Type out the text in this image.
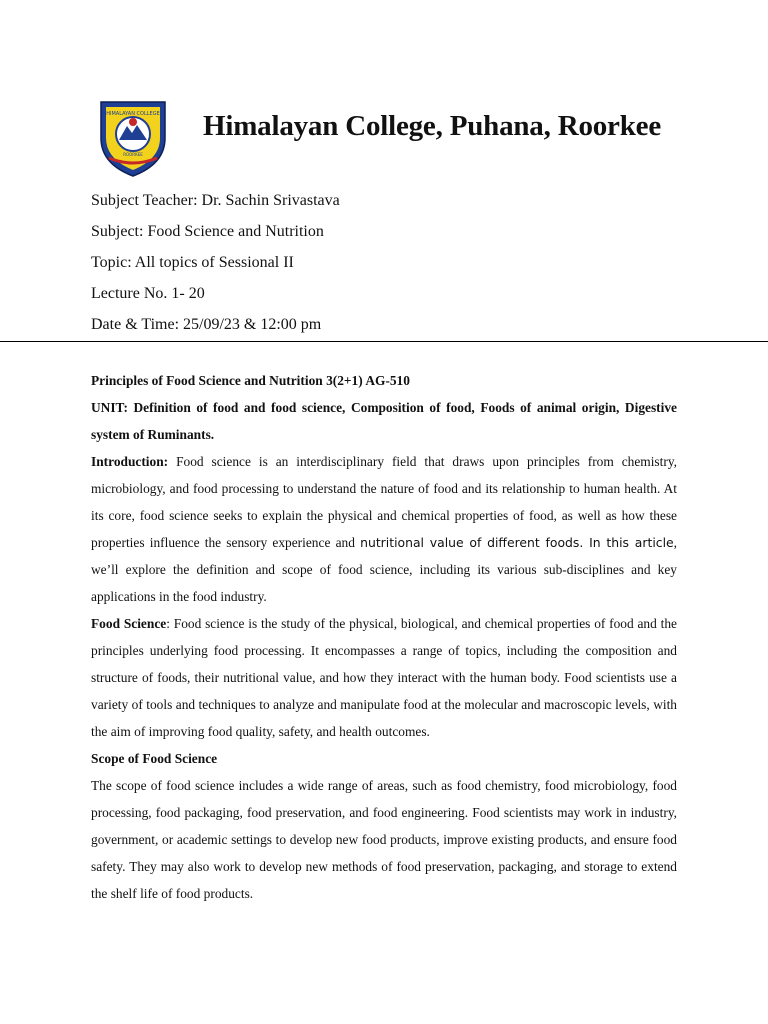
HIMALAYAN COLLEGE
ROORKEE
Himalayan College, Puhana, Roorkee
Subject Teacher: Dr. Sachin Srivastava
Subject: Food Science and Nutrition
Topic: All topics of Sessional II
Lecture No. 1- 20
Date & Time: 25/09/23 & 12:00 pm

Principles of Food Science and Nutrition 3(2+1) AG-510

UNIT: Definition of food and food science, Composition of food, Foods of animal origin, Digestive system of Ruminants.

Introduction: Food science is an interdisciplinary field that draws upon principles from chemistry, microbiology, and food processing to understand the nature of food and its relationship to human health. At its core, food science seeks to explain the physical and chemical properties of food, as well as how these properties influence the sensory experience and nutritional value of different foods. In this article, we’ll explore the definition and scope of food science, including its various sub-disciplines and key applications in the food industry.

Food Science: Food science is the study of the physical, biological, and chemical properties of food and the principles underlying food processing. It encompasses a range of topics, including the composition and structure of foods, their nutritional value, and how they interact with the human body. Food scientists use a variety of tools and techniques to analyze and manipulate food at the molecular and macroscopic levels, with the aim of improving food quality, safety, and health outcomes.

Scope of Food Science

The scope of food science includes a wide range of areas, such as food chemistry, food microbiology, food processing, food packaging, food preservation, and food engineering. Food scientists may work in industry, government, or academic settings to develop new food products, improve existing products, and ensure food safety. They may also work to develop new methods of food preservation, packaging, and storage to extend the shelf life of food products.
